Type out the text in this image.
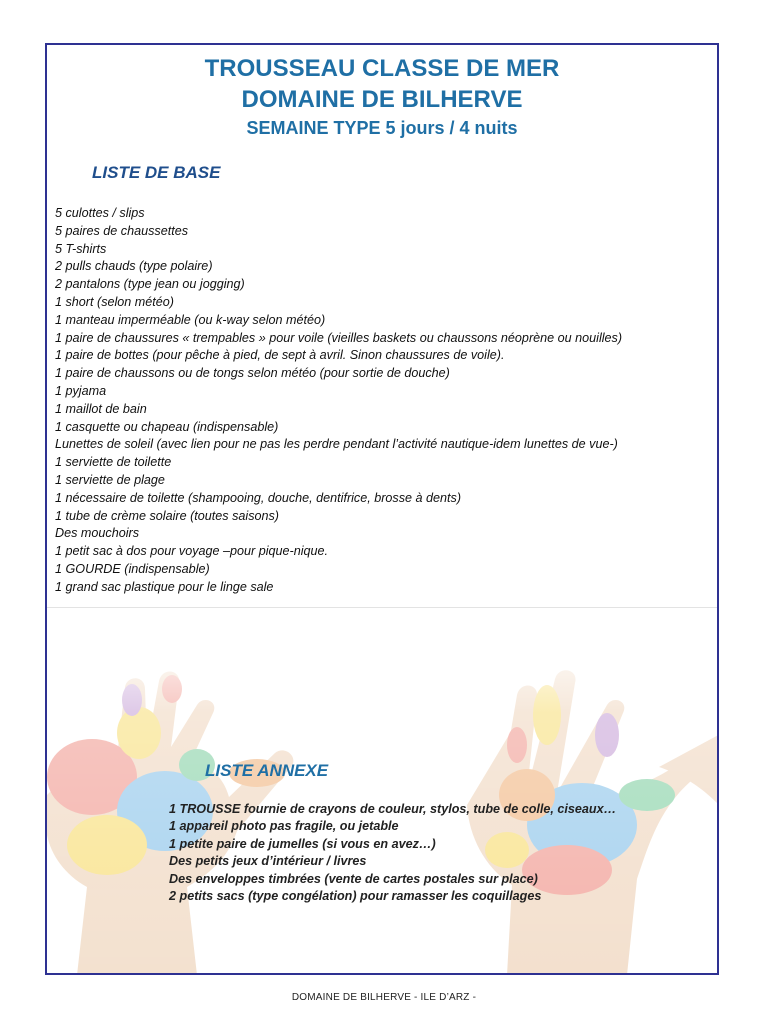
TROUSSEAU CLASSE DE MER
DOMAINE DE BILHERVE
SEMAINE TYPE 5 jours / 4 nuits
LISTE DE BASE
5 culottes / slips
5 paires de chaussettes
5 T-shirts
2 pulls chauds (type polaire)
2 pantalons (type jean ou jogging)
1 short (selon météo)
1 manteau imperméable (ou k-way selon météo)
1 paire de chaussures « trempables » pour voile (vieilles baskets ou chaussons néoprène ou nouilles)
1 paire de bottes (pour pêche à pied, de sept à avril. Sinon chaussures de voile).
1 paire de chaussons ou de tongs selon météo (pour sortie de douche)
1 pyjama
1 maillot de bain
1 casquette ou chapeau (indispensable)
Lunettes de soleil (avec lien pour ne pas les perdre pendant l’activité nautique-idem lunettes de vue-)
1 serviette de toilette
1 serviette de plage
1 nécessaire de toilette (shampooing, douche, dentifrice, brosse à dents)
1 tube de crème solaire (toutes saisons)
Des mouchoirs
1 petit sac à dos pour voyage –pour pique-nique.
1 GOURDE (indispensable)
1 grand sac plastique pour le linge sale
LISTE ANNEXE
1 TROUSSE fournie de crayons de couleur, stylos, tube de colle, ciseaux…
1 appareil photo pas fragile, ou jetable
1 petite paire de jumelles (si vous en avez…)
Des petits jeux d’intérieur / livres
Des enveloppes timbrées (vente de cartes postales sur place)
2 petits sacs (type congélation) pour ramasser les coquillages
DOMAINE DE BILHERVE - ILE D’ARZ -
